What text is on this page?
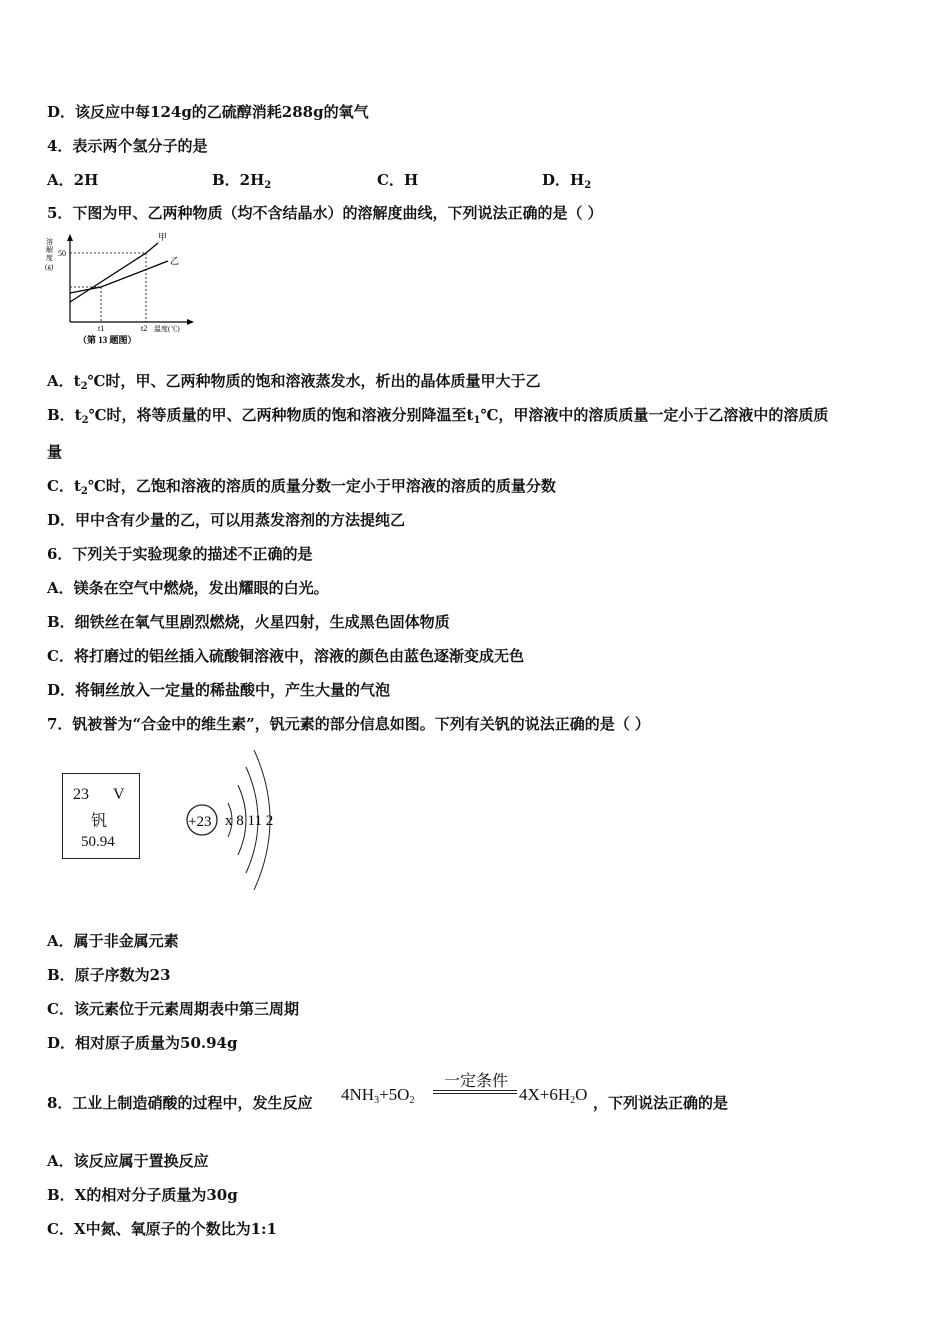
D．该反应中每124g的乙硫醇消耗288g的氧气
4．表示两个氢分子的是
A．2H	B．$2H_2$	C．H	D．$H_2$
5．下图为甲、乙两种物质（均不含结晶水）的溶解度曲线，下列说法正确的是（ ）
溶
解
度
(g)
50
t1	t2 温度(℃)
甲
乙
（第 13 题图）
A．$t_2℃$时，甲、乙两种物质的饱和溶液蒸发水，析出的晶体质量甲大于乙
B．$t_2℃$时，将等质量的甲、乙两种物质的饱和溶液分别降温至$t_1℃$，甲溶液中的溶质质量一定小于乙溶液中的溶质质
量
C．$t_2℃$时，乙饱和溶液的溶质的质量分数一定小于甲溶液的溶质的质量分数
D．甲中含有少量的乙，可以用蒸发溶剂的方法提纯乙
6．下列关于实验现象的描述不正确的是
A．镁条在空气中燃烧，发出耀眼的白光。
B．细铁丝在氧气里剧烈燃烧，火星四射，生成黑色固体物质
C．将打磨过的铝丝插入硫酸铜溶液中，溶液的颜色由蓝色逐渐变成无色
D．将铜丝放入一定量的稀盐酸中，产生大量的气泡
7．钒被誉为“合金中的维生素”，钒元素的部分信息如图。下列有关钒的说法正确的是（ ）
23 V
钒
50.94
+23 x 8 11 2
A．属于非金属元素
B．原子序数为23
C．该元素位于元素周期表中第三周期
D．相对原子质量为50.94g
8．工业上制造硝酸的过程中，发生反应 $4NH_3+5O_2$
一定条件
$4X+6H_2O$ ，下列说法正确的是
A．该反应属于置换反应
B．X的相对分子质量为30g
C．X中氮、氧原子的个数比为1:1
